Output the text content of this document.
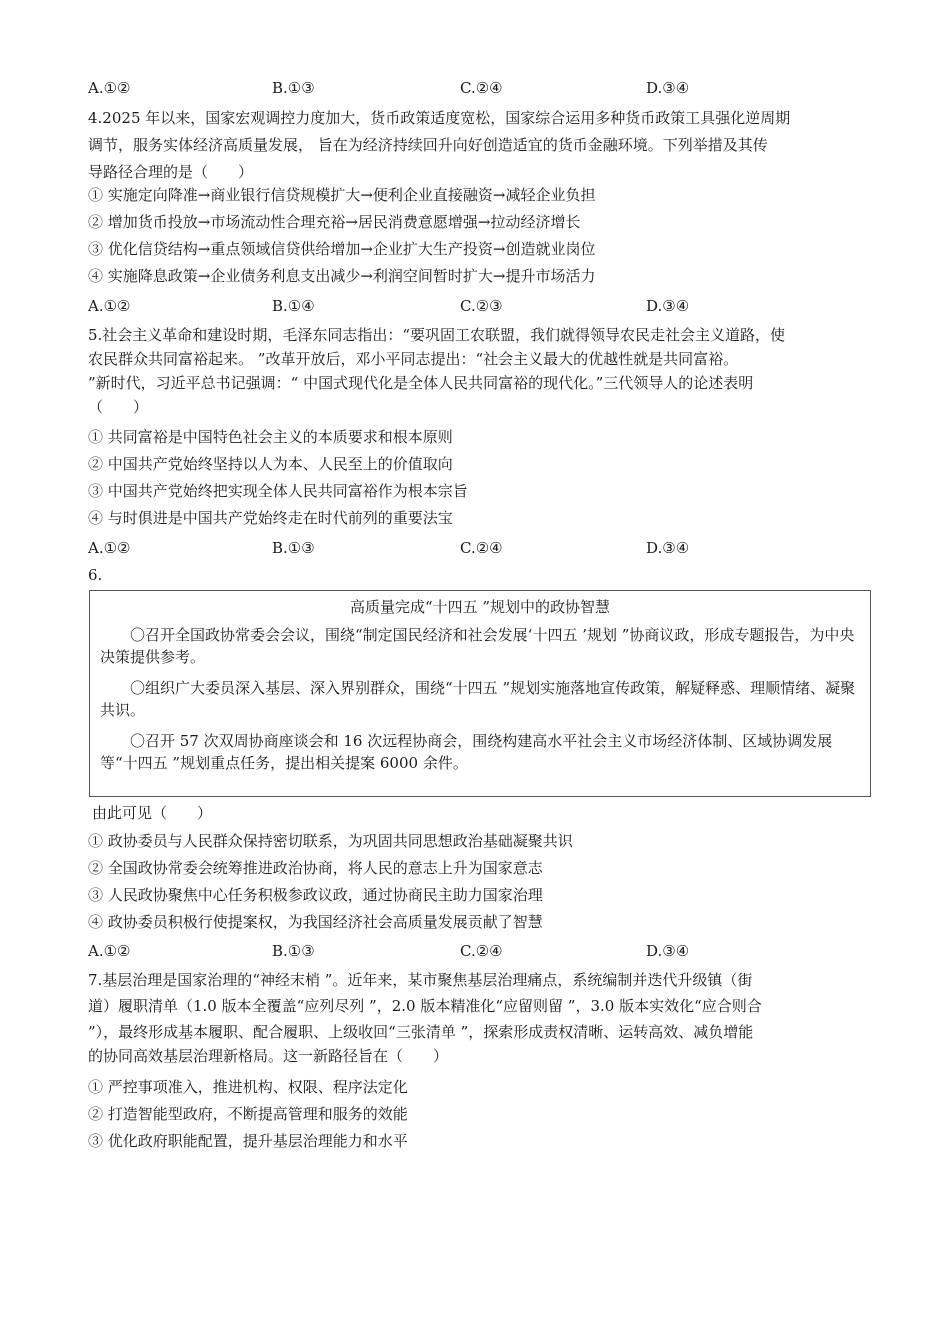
A.①②	B.①③	C.②④	D.③④
4.2025 年以来，国家宏观调控力度加大，货币政策适度宽松，国家综合运用多种货币政策工具强化逆周期
调节，服务实体经济高质量发展， 旨在为经济持续回升向好创造适宜的货币金融环境。下列举措及其传
导路径合理的是（　　）
① 实施定向降准→商业银行信贷规模扩大→便利企业直接融资→减轻企业负担
② 增加货币投放→市场流动性合理充裕→居民消费意愿增强→拉动经济增长
③ 优化信贷结构→重点领域信贷供给增加→企业扩大生产投资→创造就业岗位
④ 实施降息政策→企业债务利息支出减少→利润空间暂时扩大→提升市场活力
A.①②	B.①④	C.②③	D.③④
5.社会主义革命和建设时期，毛泽东同志指出：“要巩固工农联盟，我们就得领导农民走社会主义道路，使
农民群众共同富裕起来。 ”改革开放后，邓小平同志提出：“社会主义最大的优越性就是共同富裕。
”新时代，习近平总书记强调：“ 中国式现代化是全体人民共同富裕的现代化。”三代领导人的论述表明
（　　）
① 共同富裕是中国特色社会主义的本质要求和根本原则
② 中国共产党始终坚持以人为本、人民至上的价值取向
③ 中国共产党始终把实现全体人民共同富裕作为根本宗旨
④ 与时俱进是中国共产党始终走在时代前列的重要法宝
A.①②	B.①③	C.②④	D.③④
6.
高质量完成“十四五 ”规划中的政协智慧
〇召开全国政协常委会会议，围绕“制定国民经济和社会发展‘十四五 ’规划 ”协商议政，形成专题报告，为中央决策提供参考。
〇组织广大委员深入基层、深入界别群众，围绕“十四五 ”规划实施落地宣传政策，解疑释惑、理顺情绪、凝聚共识。
〇召开 57 次双周协商座谈会和 16 次远程协商会，围绕构建高水平社会主义市场经济体制、区域协调发展等“十四五 ”规划重点任务，提出相关提案 6000 余件。
由此可见（　　）
① 政协委员与人民群众保持密切联系，为巩固共同思想政治基础凝聚共识
② 全国政协常委会统筹推进政治协商，将人民的意志上升为国家意志
③ 人民政协聚焦中心任务积极参政议政，通过协商民主助力国家治理
④ 政协委员积极行使提案权，为我国经济社会高质量发展贡献了智慧
A.①②	B.①③	C.②④	D.③④
7.基层治理是国家治理的“神经末梢 ”。近年来，某市聚焦基层治理痛点，系统编制并迭代升级镇（街
道）履职清单（1.0 版本全覆盖“应列尽列 ”，2.0 版本精准化“应留则留 ”，3.0 版本实效化“应合则合
”），最终形成基本履职、配合履职、上级收回“三张清单 ”，探索形成责权清晰、运转高效、减负增能
的协同高效基层治理新格局。这一新路径旨在（　　）
① 严控事项准入，推进机构、权限、程序法定化
② 打造智能型政府，不断提高管理和服务的效能
③ 优化政府职能配置，提升基层治理能力和水平
